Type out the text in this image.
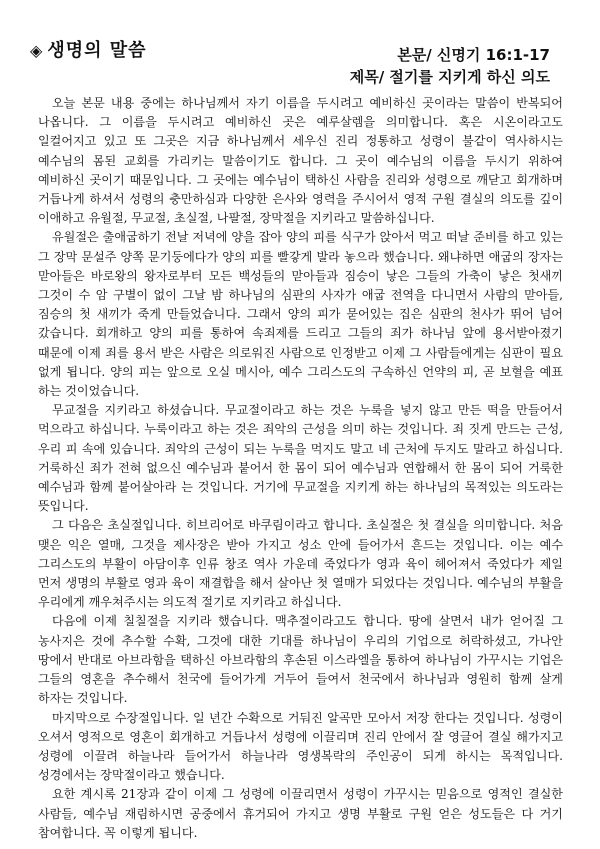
◈ 생명의 말씀	본문/ 신명기 16:1-17
제목/ 절기를 지키게 하신 의도

오늘 본문 내용 중에는 하나님께서 자기 이름을 두시려고 예비하신 곳이라는 말씀이 반복되어 나옵니다. 그 이름을 두시려고 예비하신 곳은 예루살렘을 의미합니다. 혹은 시온이라고도 일컬어지고 있고 또 그곳은 지금 하나님께서 세우신 진리 정통하고 성령이 불같이 역사하시는 예수님의 몸된 교회를 가리키는 말씀이기도 합니다. 그 곳이 예수님의 이름을 두시기 위하여 예비하신 곳이기 때문입니다. 그 곳에는 예수님이 택하신 사람을 진리와 성령으로 깨닫고 회개하며 거듭나게 하셔서 성령의 충만하심과 다양한 은사와 영력을 주시어서 영적 구원 결실의 의도를 깊이 이애하고 유월절, 무교절, 초실절, 나팔절, 장막절을 지키라고 말씀하십니다.

유월절은 출애굽하기 전날 저녁에 양을 잡아 양의 피를 식구가 앉아서 먹고 떠날 준비를 하고 있는 그 장막 문설주 양쪽 문기둥에다가 양의 피를 빨갛게 발라 놓으라 했습니다. 왜냐하면 애굽의 장자는 맏아들은 바로왕의 왕자로부터 모든 백성들의 맏아들과 짐승이 낳은 그들의 가축이 낳은 첫새끼 그것이 수 암 구별이 없이 그날 밤 하나님의 심판의 사자가 애굽 전역을 다니면서 사람의 맏아들, 짐승의 첫 새끼가 죽게 만들었습니다. 그래서 양의 피가 묻어있는 집은 심판의 천사가 뛰어 넘어 갔습니다. 회개하고 양의 피를 통하여 속죄제를 드리고 그들의 죄가 하나님 앞에 용서받아졌기 때문에 이제 죄를 용서 받은 사람은 의로워진 사람으로 인정받고 이제 그 사람들에게는 심판이 필요 없게 됩니다. 양의 피는 앞으로 오실 메시아, 예수 그리스도의 구속하신 언약의 피, 곧 보혈을 예표 하는 것이었습니다.

무교절을 지키라고 하셨습니다. 무교절이라고 하는 것은 누룩을 넣지 않고 만든 떡을 만들어서 먹으라고 하십니다. 누룩이라고 하는 것은 죄악의 근성을 의미 하는 것입니다. 죄 짓게 만드는 근성, 우리 피 속에 있습니다. 죄악의 근성이 되는 누룩을 먹지도 말고 네 근처에 두지도 말라고 하십니다. 거룩하신 죄가 전혀 없으신 예수님과 붙어서 한 몸이 되어 예수님과 연합해서 한 몸이 되어 거룩한 예수님과 함께 붙어살아라 는 것입니다. 거기에 무교절을 지키게 하는 하나님의 목적있는 의도라는 뜻입니다.

그 다음은 초실절입니다. 히브리어로 바쿠림이라고 합니다. 초실절은 첫 결실을 의미합니다. 처음 맺은 익은 열매, 그것을 제사장은 받아 가지고 성소 안에 들어가서 흔드는 것입니다. 이는 예수 그리스도의 부활이 아담이후 인류 창조 역사 가운데 죽었다가 영과 육이 헤어져서 죽었다가 제일 먼저 생명의 부활로 영과 육이 재결합을 해서 살아난 첫 열매가 되었다는 것입니다. 예수님의 부활을 우리에게 깨우쳐주시는 의도적 절기로 지키라고 하십니다.

다음에 이제 칠칠절을 지키라 했습니다. 맥추절이라고도 합니다. 땅에 살면서 내가 얻어질 그 농사지은 것에 추수할 수확, 그것에 대한 기대를 하나님이 우리의 기업으로 허락하셨고, 가나안 땅에서 반대로 아브라함을 택하신 아브라함의 후손된 이스라엘을 통하여 하나님이 가꾸시는 기업은 그들의 영혼을 추수해서 천국에 들어가게 거두어 들여서 천국에서 하나님과 영원히 함께 살게 하자는 것입니다.

마지막으로 수장절입니다. 일 년간 수확으로 거둬진 알곡만 모아서 저장 한다는 것입니다. 성령이 오셔서 영적으로 영혼이 회개하고 거듭나서 성령에 이끌리며 진리 안에서 잘 영글어 결실 해가지고 성령에 이끌려 하늘나라 들어가서 하늘나라 영생복락의 주인공이 되게 하시는 목적입니다. 성경에서는 장막절이라고 했습니다.

요한 계시록 21장과 같이 이제 그 성령에 이끌리면서 성령이 가꾸시는 믿음으로 영적인 결실한 사람들, 예수님 재림하시면 공중에서 휴거되어 가지고 생명 부활로 구원 얻은 성도들은 다 거기 참여합니다. 꼭 이렇게 됩니다.
